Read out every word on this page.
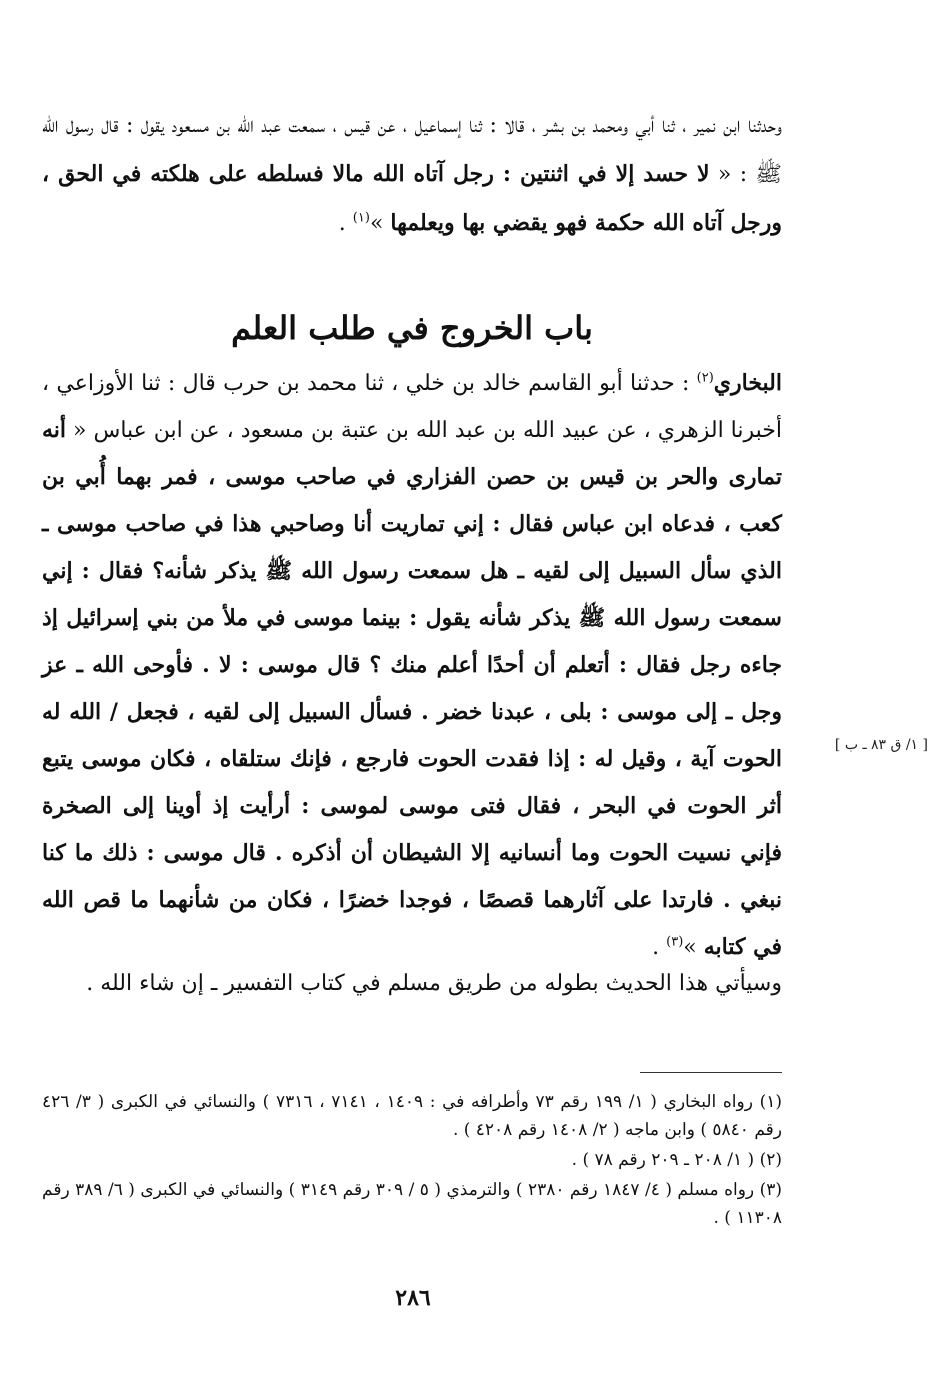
وحدثنا ابن نمير ، ثنا أبي ومحمد بن بشر ، قالا : ثنا إسماعيل ، عن قيس ، سمعت عبد الله بن مسعود يقول : قال رسول الله ﷺ : « لا حسد إلا في اثنتين : رجل آتاه الله مالا فسلطه على هلكته في الحق ، ورجل آتاه الله حكمة فهو يقضي بها ويعلمها »$^{(١)}$ .
باب الخروج في طلب العلم
البخاري$^{(٢)}$ : حدثنا أبو القاسم خالد بن خلي ، ثنا محمد بن حرب قال : ثنا الأوزاعي ، أخبرنا الزهري ، عن عبيد الله بن عبد الله بن عتبة بن مسعود ، عن ابن عباس « أنه تمارى والحر بن قيس بن حصن الفزاري في صاحب موسى ، فمر بهما أُبي بن كعب ، فدعاه ابن عباس فقال : إني تماريت أنا وصاحبي هذا في صاحب موسى ـ الذي سأل السبيل إلى لقيه ـ هل سمعت رسول الله ﷺ يذكر شأنه؟ فقال : إني سمعت رسول الله ﷺ يذكر شأنه يقول : بينما موسى في ملأ من بني إسرائيل إذ جاءه رجل فقال : أتعلم أن أحدًا أعلم منك ؟ قال موسى : لا . فأوحى الله ـ عز وجل ـ إلى موسى : بلى ، عبدنا خضر . فسأل السبيل إلى لقيه ، فجعل / الله له الحوت آية ، وقيل له : إذا فقدت الحوت فارجع ، فإنك ستلقاه ، فكان موسى يتبع أثر الحوت في البحر ، فقال فتى موسى لموسى : أرأيت إذ أوينا إلى الصخرة فإني نسيت الحوت وما أنسانيه إلا الشيطان أن أذكره . قال موسى : ذلك ما كنا نبغي . فارتدا على آثارهما قصصًا ، فوجدا خضرًا ، فكان من شأنهما ما قص الله في كتابه »$^{(٣)}$ .
[ ١/ ق ٨٣ ـ ب ]
وسيأتي هذا الحديث بطوله من طريق مسلم في كتاب التفسير ـ إن شاء الله .
(١) رواه البخاري ( ١/ ١٩٩ رقم ٧٣ وأطرافه في : ١٤٠٩ ، ٧١٤١ ، ٧٣١٦ ) والنسائي في الكبرى ( ٣/ ٤٢٦ رقم ٥٨٤٠ ) وابن ماجه ( ٢/ ١٤٠٨ رقم ٤٢٠٨ ) .
(٢) ( ١/ ٢٠٨ ـ ٢٠٩ رقم ٧٨ ) .
(٣) رواه مسلم ( ٤/ ١٨٤٧ رقم ٢٣٨٠ ) والترمذي ( ٥ / ٣٠٩ رقم ٣١٤٩ ) والنسائي في الكبرى ( ٦/ ٣٨٩ رقم ١١٣٠٨ ) .
٢٨٦
